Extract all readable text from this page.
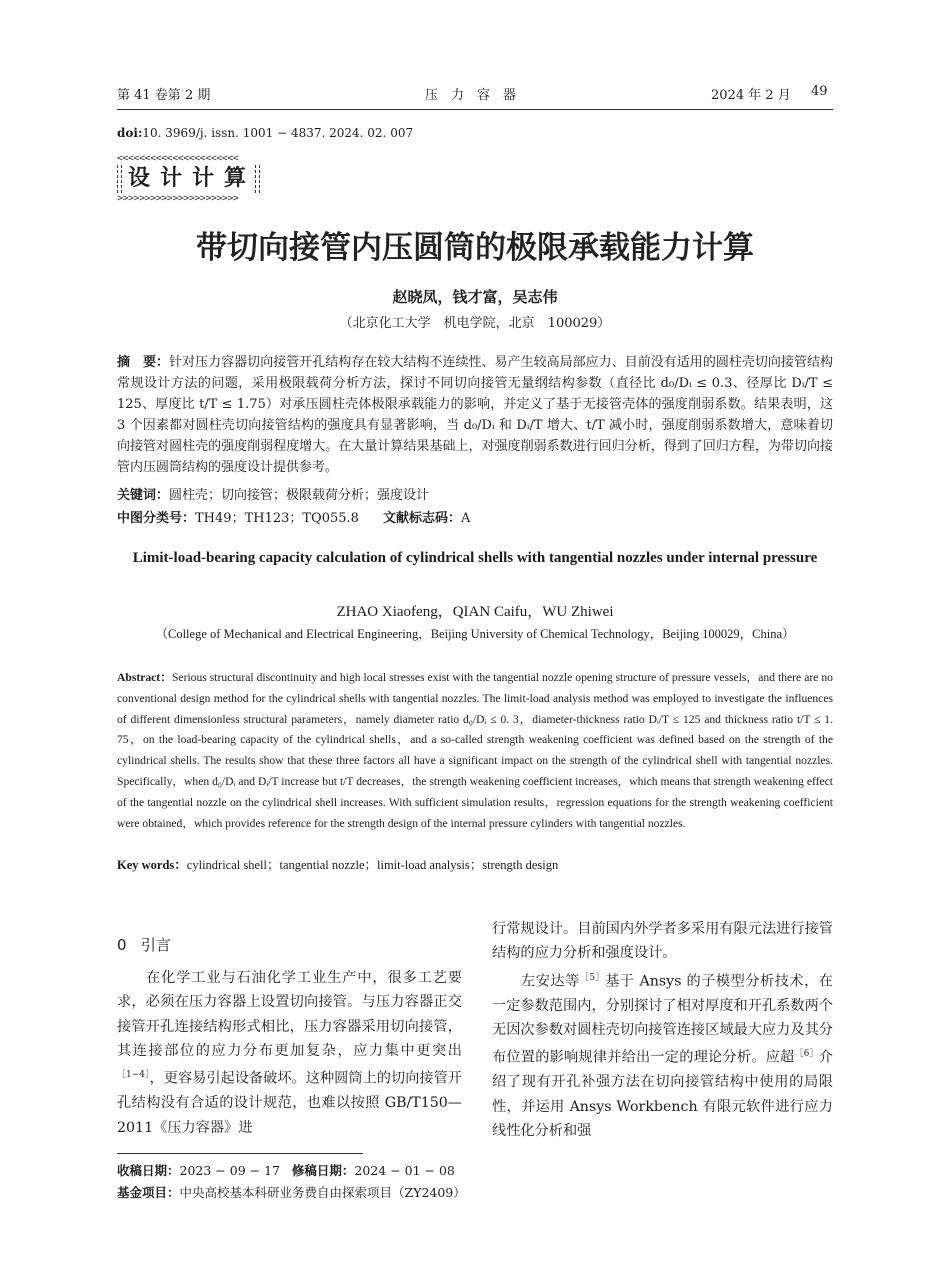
第 41 卷第 2 期	压　力　容　器	2024 年 2 月 49
doi:10. 3969/j. issn. 1001 − 4837. 2024. 02. 007
<<<<<<<<<<<<<<<<<<<<<<
设计计算
>>>>>>>>>>>>>>>>>>>>>>
带切向接管内压圆筒的极限承载能力计算
赵晓凤，钱才富，吴志伟
（北京化工大学　机电学院，北京　100029）
摘　要：针对压力容器切向接管开孔结构存在较大结构不连续性、易产生较高局部应力、目前没有适用的圆柱壳切向接管结构常规设计方法的问题，采用极限载荷分析方法，探讨不同切向接管无量纲结构参数（直径比 d₀/Dᵢ ≤ 0.3、径厚比 Dᵢ/T ≤ 125、厚度比 t/T ≤ 1.75）对承压圆柱壳体极限承载能力的影响，并定义了基于无接管壳体的强度削弱系数。结果表明，这 3 个因素都对圆柱壳切向接管结构的强度具有显著影响，当 d₀/Dᵢ 和 Dᵢ/T 增大、t/T 减小时，强度削弱系数增大，意味着切向接管对圆柱壳的强度削弱程度增大。在大量计算结果基础上，对强度削弱系数进行回归分析，得到了回归方程，为带切向接管内压圆筒结构的强度设计提供参考。
关键词：圆柱壳；切向接管；极限载荷分析；强度设计
中图分类号：TH49；TH123；TQ055.8 文献标志码：A
Limit-load-bearing capacity calculation of cylindrical shells with tangential nozzles under internal pressure
ZHAO Xiaofeng，QIAN Caifu，WU Zhiwei
（College of Mechanical and Electrical Engineering，Beijing University of Chemical Technology，Beijing 100029，China）
Abstract：Serious structural discontinuity and high local stresses exist with the tangential nozzle opening structure of pressure vessels，and there are no conventional design method for the cylindrical shells with tangential nozzles. The limit-load analysis method was employed to investigate the influences of different dimensionless structural parameters，namely diameter ratio d₀/Dᵢ ≤ 0. 3，diameter-thickness ratio Dᵢ/T ≤ 125 and thickness ratio t/T ≤ 1. 75，on the load-bearing capacity of the cylindrical shells，and a so-called strength weakening coefficient was defined based on the strength of the cylindrical shells. The results show that these three factors all have a significant impact on the strength of the cylindrical shell with tangential nozzles. Specifically，when d₀/Dᵢ and Dᵢ/T increase but t/T decreases，the strength weakening coefficient increases，which means that strength weakening effect of the tangential nozzle on the cylindrical shell increases. With sufficient simulation results，regression equations for the strength weakening coefficient were obtained，which provides reference for the strength design of the internal pressure cylinders with tangential nozzles.
Key words：cylindrical shell；tangential nozzle；limit-load analysis；strength design
0 引言
在化学工业与石油化学工业生产中，很多工艺要求，必须在压力容器上设置切向接管。与压力容器正交接管开孔连接结构形式相比，压力容器采用切向接管，其连接部位的应力分布更加复杂，应力集中更突出$^{[1-4]}$，更容易引起设备破坏。这种圆筒上的切向接管开孔结构没有合适的设计规范，也难以按照 GB/T150—2011《压力容器》进

行常规设计。目前国内外学者多采用有限元法进行接管结构的应力分析和强度设计。

左安达等$^{[5]}$基于 Ansys 的子模型分析技术，在一定参数范围内，分别探讨了相对厚度和开孔系数两个无因次参数对圆柱壳切向接管连接区域最大应力及其分布位置的影响规律并给出一定的理论分析。应超$^{[6]}$介绍了现有开孔补强方法在切向接管结构中使用的局限性，并运用 Ansys Workbench 有限元软件进行应力线性化分析和强

收稿日期：2023 − 09 − 17 修稿日期：2024 − 01 − 08
基金项目：中央高校基本科研业务费自由探索项目（ZY2409）
